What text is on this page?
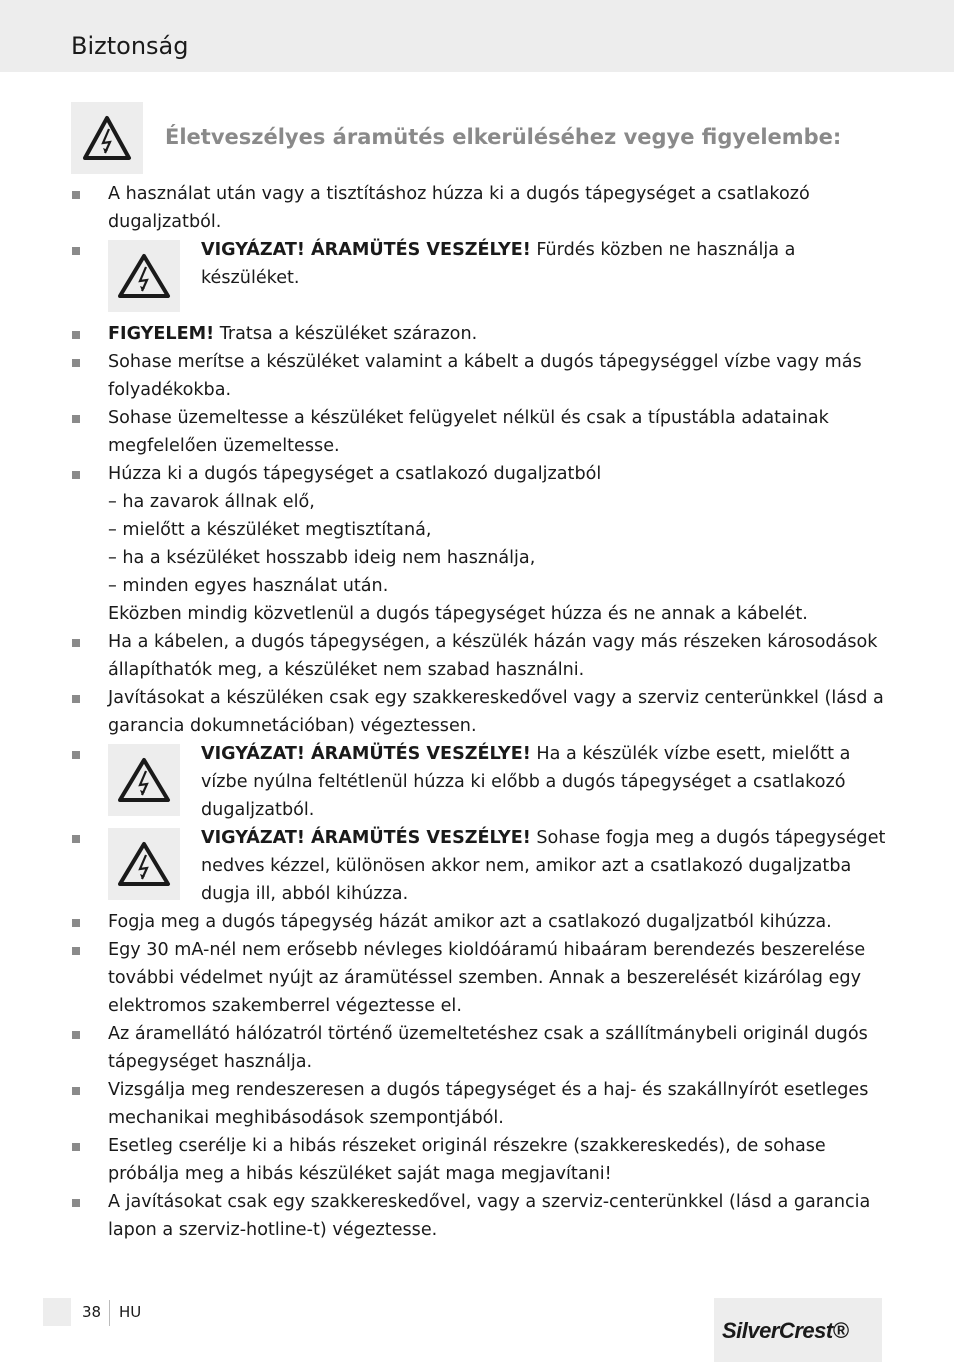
Biztonság
Életveszélyes áramütés elkerüléséhez vegye figyelembe:
A használat után vagy a tisztításhoz húzza ki a dugós tápegységet a csatlakozó dugaljzatból.
VIGYÁZAT! ÁRAMÜTÉS VESZÉLYE! Fürdés közben ne használja a készüléket.
FIGYELEM! Tratsa a készüléket szárazon.
Sohase merítse a készüléket valamint a kábelt a dugós tápegységgel vízbe vagy más folyadékokba.
Sohase üzemeltesse a készüléket felügyelet nélkül és csak a típustábla adatainak megfelelően üzemeltesse.
Húzza ki a dugós tápegységet a csatlakozó dugaljzatból
– ha zavarok állnak elő,
– mielőtt a készüléket megtisztítaná,
– ha a ksézüléket hosszabb ideig nem használja,
– minden egyes használat után.
Eközben mindig közvetlenül a dugós tápegységet húzza és ne annak a kábelét.
Ha a kábelen, a dugós tápegységen, a készülék házán vagy más részeken károsodások állapíthatók meg, a készüléket nem szabad használni.
Javításokat a készüléken csak egy szakkereskedővel vagy a szerviz centerünkkel (lásd a garancia dokumnetációban) végeztessen.
VIGYÁZAT! ÁRAMÜTÉS VESZÉLYE! Ha a készülék vízbe esett, mielőtt a vízbe nyúlna feltétlenül húzza ki előbb a dugós tápegységet a csatlakozó dugaljzatból.
VIGYÁZAT! ÁRAMÜTÉS VESZÉLYE! Sohase fogja meg a dugós tápegységet nedves kézzel, különösen akkor nem, amikor azt a csatlakozó dugaljzatba dugja ill, abból kihúzza.
Fogja meg a dugós tápegység házát amikor azt a csatlakozó dugaljzatból kihúzza.
Egy 30 mA-nél nem erősebb névleges kioldóáramú hibaáram berendezés beszerelése további védelmet nyújt az áramütéssel szemben. Annak a beszerelését kizárólag egy elektromos szakemberrel végeztesse el.
Az áramellátó hálózatról történő üzemeltetéshez csak a szállítmánybeli originál dugós tápegységet használja.
Vizsgálja meg rendeszeresen a dugós tápegységet és a haj- és szakállnyírót esetleges mechanikai meghibásodások szempontjából.
Esetleg cserélje ki a hibás részeket originál részekre (szakkereskedés), de sohase próbálja meg a hibás készüléket saját maga megjavítani!
A javításokat csak egy szakkereskedővel, vagy a szerviz-centerünkkel (lásd a garancia lapon a szerviz-hotline-t) végeztesse.
38 HU
SilverCrest®
